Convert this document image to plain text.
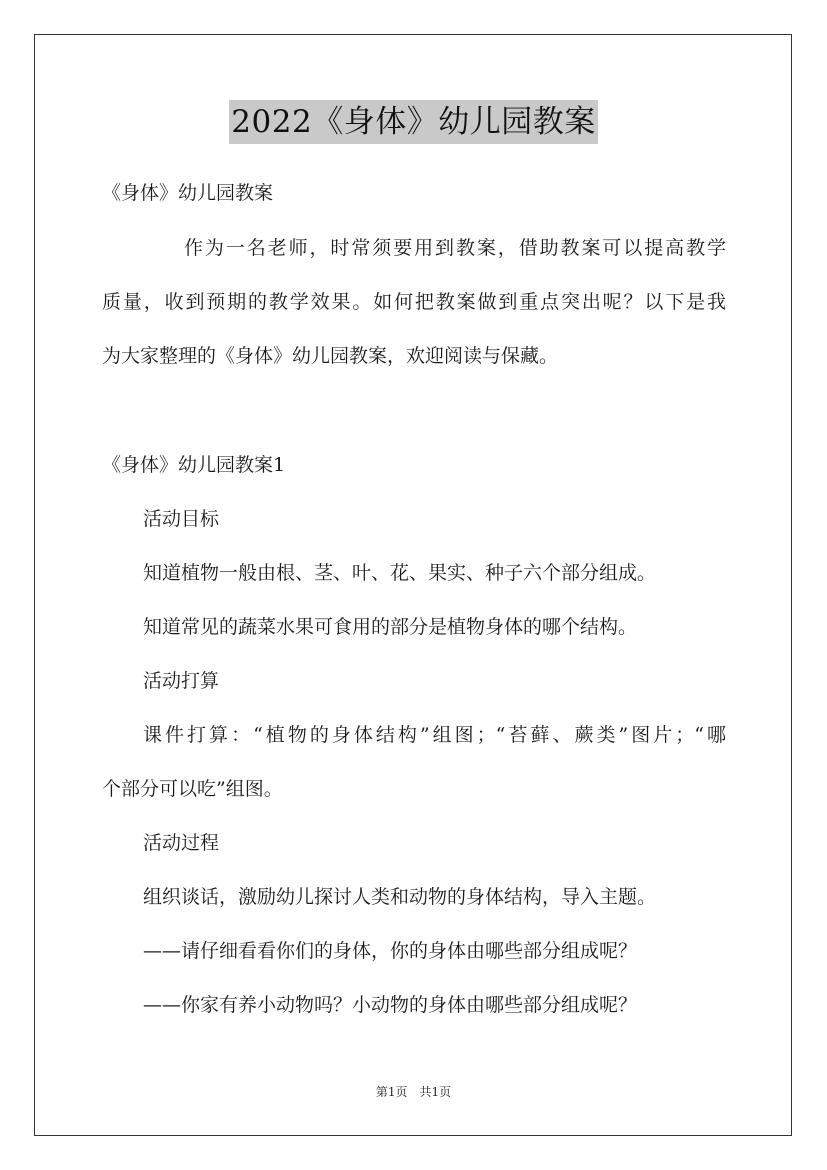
2022《身体》幼儿园教案
《身体》幼儿园教案
作为一名老师，时常须要用到教案，借助教案可以提高教学
质量，收到预期的教学效果。如何把教案做到重点突出呢？以下是我
为大家整理的《身体》幼儿园教案，欢迎阅读与保藏。
《身体》幼儿园教案1
活动目标
知道植物一般由根、茎、叶、花、果实、种子六个部分组成。
知道常见的蔬菜水果可食用的部分是植物身体的哪个结构。
活动打算
课件打算：“植物的身体结构”组图；“苔藓、蕨类”图片；“哪
个部分可以吃”组图。
活动过程
组织谈话，激励幼儿探讨人类和动物的身体结构，导入主题。
——请仔细看看你们的身体，你的身体由哪些部分组成呢？
——你家有养小动物吗？小动物的身体由哪些部分组成呢？
第1页　共1页
